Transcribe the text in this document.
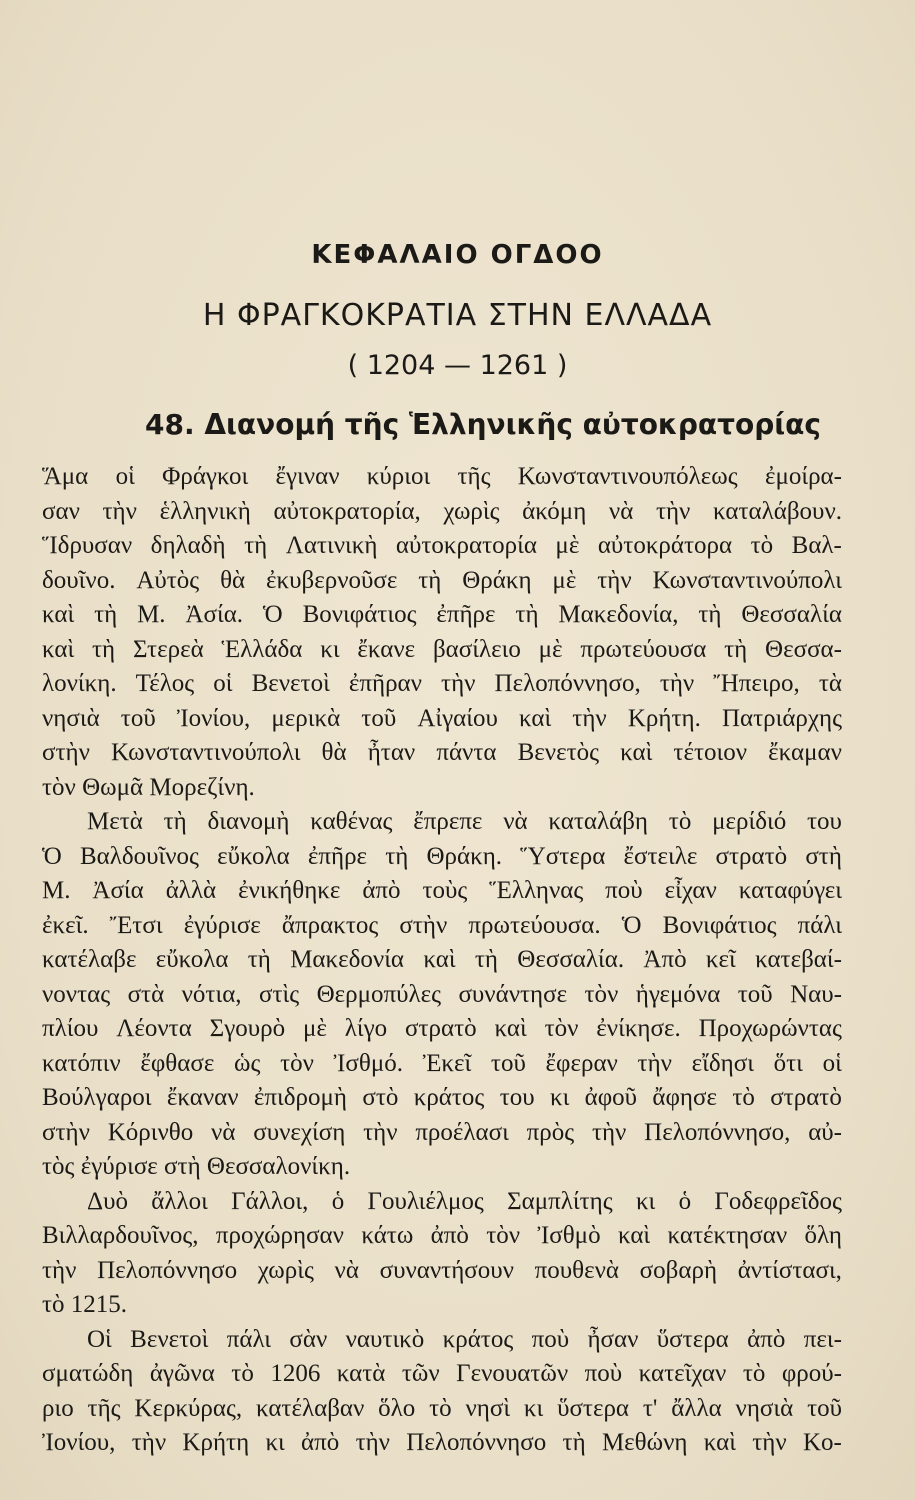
ΚΕΦΑΛΑΙΟ ΟΓΔΟΟ
Η ΦΡΑΓΚΟΚΡΑΤΙΑ ΣΤΗΝ ΕΛΛΑΔΑ
( 1204 — 1261 )
48. Διανομή τῆς Ἑλληνικῆς αὐτοκρατορίας
Ἅμα οἱ Φράγκοι ἔγιναν κύριοι τῆς Κωνσταντινουπόλεως ἐμοίρα-
σαν τὴν ἑλληνικὴ αὐτοκρατορία, χωρὶς ἀκόμη νὰ τὴν καταλάβουν.
Ἵδρυσαν δηλαδὴ τὴ Λατινικὴ αὐτοκρατορία μὲ αὐτοκράτορα τὸ Βαλ-
δουῖνο. Αὐτὸς θὰ ἐκυβερνοῦσε τὴ Θράκη μὲ τὴν Κωνσταντινούπολι
καὶ τὴ Μ. Ἀσία. Ὁ Βονιφάτιος ἐπῆρε τὴ Μακεδονία, τὴ Θεσσαλία
καὶ τὴ Στερεὰ Ἑλλάδα κι ἔκανε βασίλειο μὲ πρωτεύουσα τὴ Θεσσα-
λονίκη. Τέλος οἱ Βενετοὶ ἐπῆραν τὴν Πελοπόννησο, τὴν Ἤπειρο, τὰ
νησιὰ τοῦ Ἰονίου, μερικὰ τοῦ Αἰγαίου καὶ τὴν Κρήτη. Πατριάρχης
στὴν Κωνσταντινούπολι θὰ ἦταν πάντα Βενετὸς καὶ τέτοιον ἔκαμαν
τὸν Θωμᾶ Μορεζίνη.
Μετὰ τὴ διανομὴ καθένας ἔπρεπε νὰ καταλάβη τὸ μερίδιό του
Ὁ Βαλδουῖνος εὔκολα ἐπῆρε τὴ Θράκη. Ὕστερα ἔστειλε στρατὸ στὴ
Μ. Ἀσία ἀλλὰ ἐνικήθηκε ἀπὸ τοὺς Ἕλληνας ποὺ εἶχαν καταφύγει
ἐκεῖ. Ἔτσι ἐγύρισε ἄπρακτος στὴν πρωτεύουσα. Ὁ Βονιφάτιος πάλι
κατέλαβε εὔκολα τὴ Μακεδονία καὶ τὴ Θεσσαλία. Ἀπὸ κεῖ κατεβαί-
νοντας στὰ νότια, στὶς Θερμοπύλες συνάντησε τὸν ἡγεμόνα τοῦ Ναυ-
πλίου Λέοντα Σγουρὸ μὲ λίγο στρατὸ καὶ τὸν ἐνίκησε. Προχωρώντας
κατόπιν ἔφθασε ὡς τὸν Ἰσθμό. Ἐκεῖ τοῦ ἔφεραν τὴν εἴδησι ὅτι οἱ
Βούλγαροι ἔκαναν ἐπιδρομὴ στὸ κράτος του κι ἀφοῦ ἄφησε τὸ στρατὸ
στὴν Κόρινθο νὰ συνεχίση τὴν προέλασι πρὸς τὴν Πελοπόννησο, αὐ-
τὸς ἐγύρισε στὴ Θεσσαλονίκη.
Δυὸ ἄλλοι Γάλλοι, ὁ Γουλιέλμος Σαμπλίτης κι ὁ Γοδεφρεῖδος
Βιλλαρδουῖνος, προχώρησαν κάτω ἀπὸ τὸν Ἰσθμὸ καὶ κατέκτησαν ὅλη
τὴν Πελοπόννησο χωρὶς νὰ συναντήσουν πουθενὰ σοβαρὴ ἀντίστασι,
τὸ 1215.
Οἱ Βενετοὶ πάλι σὰν ναυτικὸ κράτος ποὺ ἦσαν ὕστερα ἀπὸ πει-
σματώδη ἀγῶνα τὸ 1206 κατὰ τῶν Γενουατῶν ποὺ κατεῖχαν τὸ φρού-
ριο τῆς Κερκύρας, κατέλαβαν ὅλο τὸ νησὶ κι ὕστερα τ' ἄλλα νησιὰ τοῦ
Ἰονίου, τὴν Κρήτη κι ἀπὸ τὴν Πελοπόννησο τὴ Μεθώνη καὶ τὴν Κο-
